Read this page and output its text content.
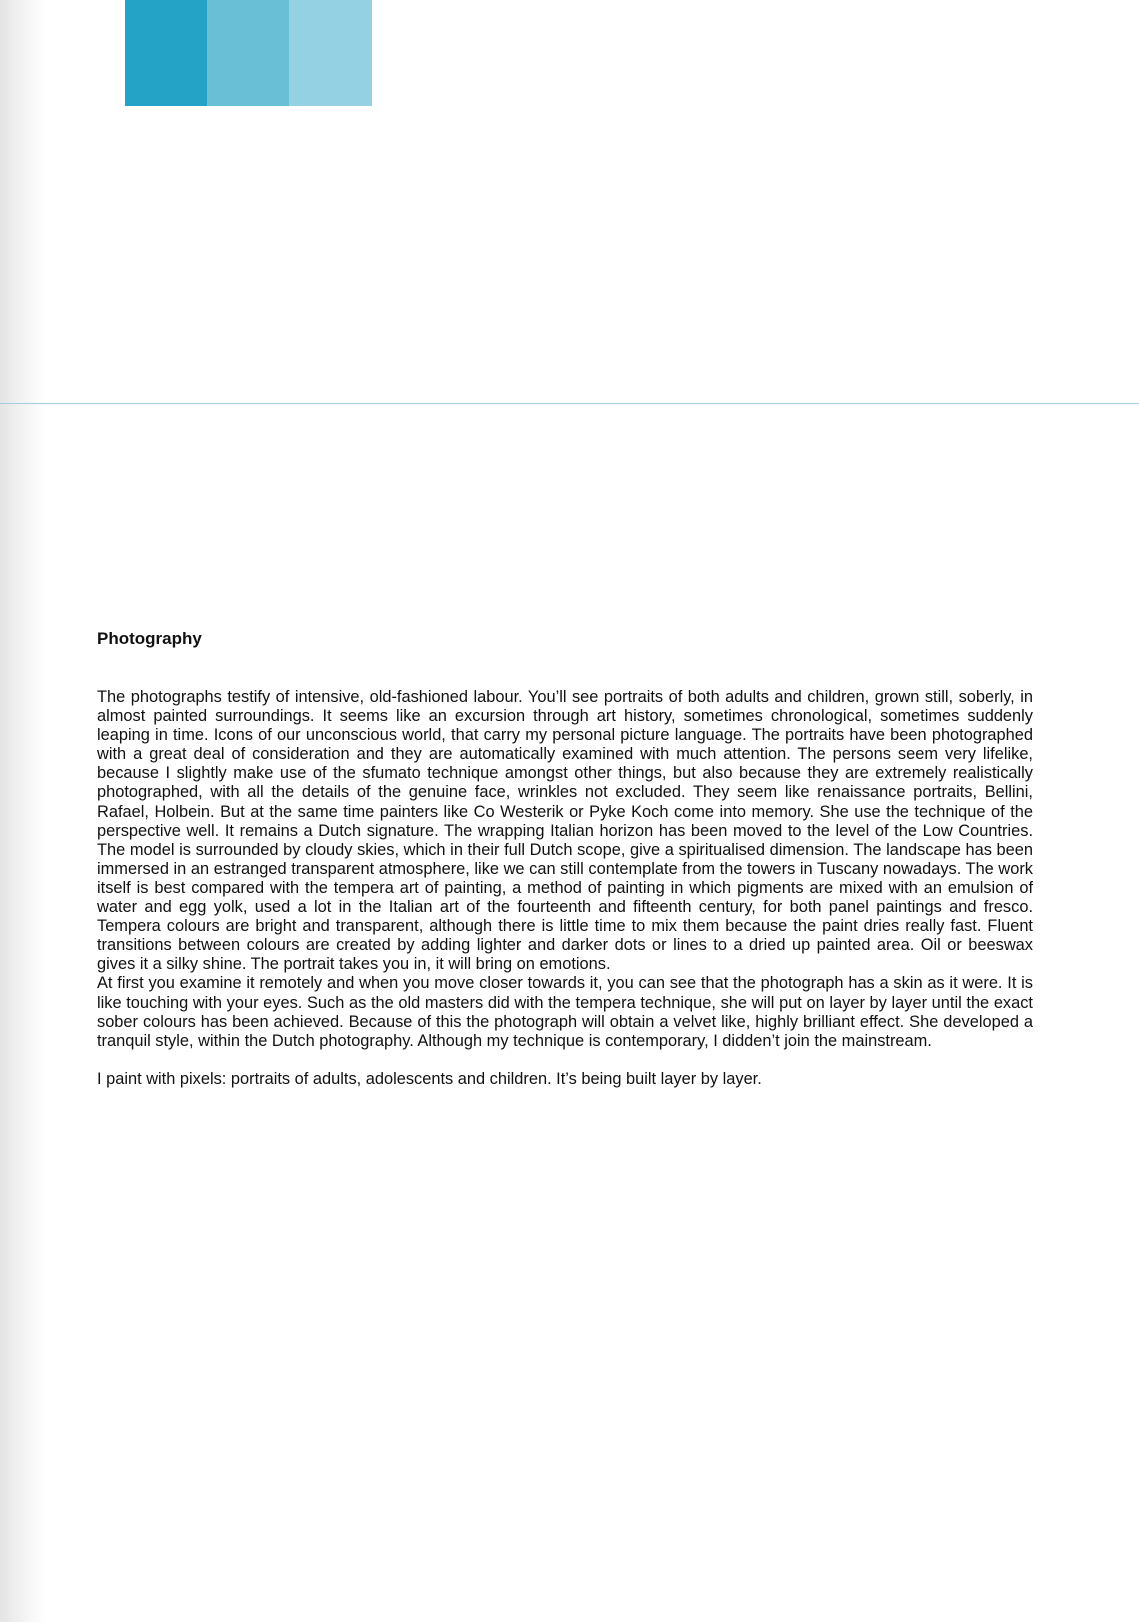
Photography

The photographs testify of intensive, old-fashioned labour. You’ll see portraits of both adults and children, grown still, soberly, in almost painted surroundings. It seems like an excursion through art history, sometimes chronological, sometimes suddenly leaping in time. Icons of our unconscious world, that carry my personal picture language. The portraits have been photographed with a great deal of consideration and they are automatically examined with much attention. The persons seem very lifelike, because I slightly make use of the sfumato technique amongst other things, but also because they are extremely realistically photographed, with all the details of the genuine face, wrinkles not excluded. They seem like renaissance portraits, Bellini, Rafael, Holbein. But at the same time painters like Co Westerik or Pyke Koch come into memory. She use the technique of the perspective well. It remains a Dutch signature. The wrapping Italian horizon has been moved to the level of the Low Countries. The model is surrounded by cloudy skies, which in their full Dutch scope, give a spiritualised dimension. The landscape has been immersed in an estranged transparent atmosphere, like we can still contemplate from the towers in Tuscany nowadays. The work itself is best compared with the tempera art of painting, a method of painting in which pigments are mixed with an emulsion of water and egg yolk, used a lot in the Italian art of the fourteenth and fifteenth century, for both panel paintings and fresco. Tempera colours are bright and transparent, although there is little time to mix them because the paint dries really fast. Fluent transitions between colours are created by adding lighter and darker dots or lines to a dried up painted area. Oil or beeswax gives it a silky shine. The portrait takes you in, it will bring on emotions.

At first you examine it remotely and when you move closer towards it, you can see that the photograph has a skin as it were. It is like touching with your eyes. Such as the old masters did with the tempera technique, she will put on layer by layer until the exact sober colours has been achieved. Because of this the photograph will obtain a velvet like, highly brilliant effect. She developed a tranquil style, within the Dutch photography. Although my technique is contemporary, I didden’t join the mainstream.

I paint with pixels: portraits of adults, adolescents and children. It’s being built layer by layer.
